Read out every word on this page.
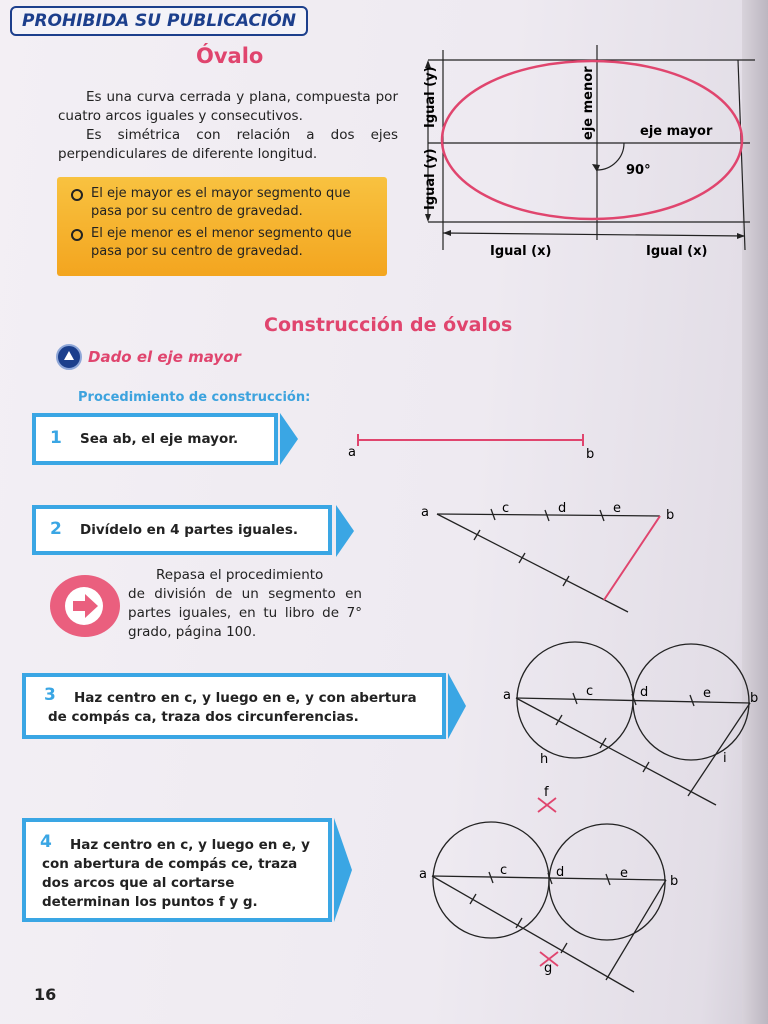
PROHIBIDA SU PUBLICACIÓN
Óvalo

Es una curva cerrada y plana, compuesta por cuatro arcos iguales y consecutivos.

Es simétrica con relación a dos ejes perpendiculares de diferente longitud.

El eje mayor es el mayor segmento que pasa por su centro de gravedad.
El eje menor es el menor segmento que pasa por su centro de gravedad.
Igual (y)
Igual (y)
eje menor	eje mayor
90°
Igual (x)	Igual (x)
Construcción de óvalos
Dado el eje mayor
Procedimiento de construcción:
1 Sea ab, el eje mayor.
2 Divídelo en 4 partes iguales.

Repasa el procedimiento

de división de un segmento en partes iguales, en tu libro de 7° grado, página 100.

3	Haz centro en c, y luego en e, y con abertura de compás ca, traza dos circunferencias.
4	Haz centro en c, y luego en e, y con abertura de compás ce, traza dos arcos que al cortarse determinan los puntos f y g.
a	b
a	c	d	e	b
a	c	d	e	b
h	i
a	c	d	e
b
f
g
16
